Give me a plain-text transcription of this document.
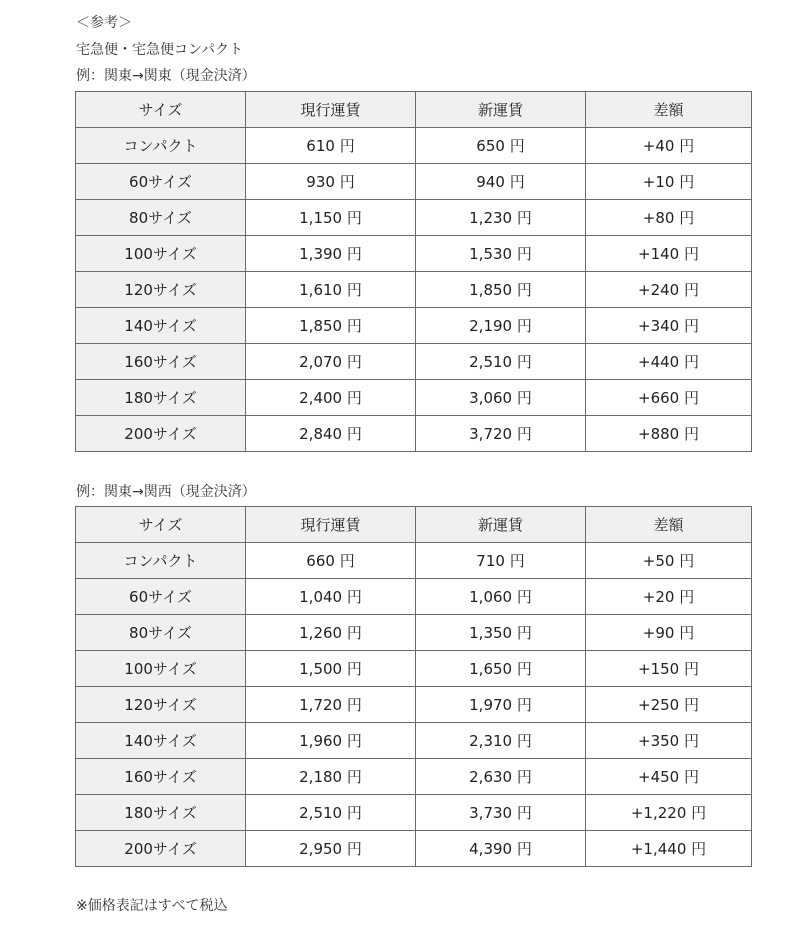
＜参考＞
宅急便・宅急便コンパクト
例：関東→関東（現金決済）
サイズ	現行運賃	新運賃	差額
コンパクト	610 円	650 円	+40 円
60サイズ	930 円	940 円	+10 円
80サイズ	1,150 円	1,230 円	+80 円
100サイズ	1,390 円	1,530 円	+140 円
120サイズ	1,610 円	1,850 円	+240 円
140サイズ	1,850 円	2,190 円	+340 円
160サイズ	2,070 円	2,510 円	+440 円
180サイズ	2,400 円	3,060 円	+660 円
200サイズ	2,840 円	3,720 円	+880 円
例：関東→関西（現金決済）
サイズ	現行運賃	新運賃	差額
コンパクト	660 円	710 円	+50 円
60サイズ	1,040 円	1,060 円	+20 円
80サイズ	1,260 円	1,350 円	+90 円
100サイズ	1,500 円	1,650 円	+150 円
120サイズ	1,720 円	1,970 円	+250 円
140サイズ	1,960 円	2,310 円	+350 円
160サイズ	2,180 円	2,630 円	+450 円
180サイズ	2,510 円	3,730 円	+1,220 円
200サイズ	2,950 円	4,390 円	+1,440 円
※価格表記はすべて税込
